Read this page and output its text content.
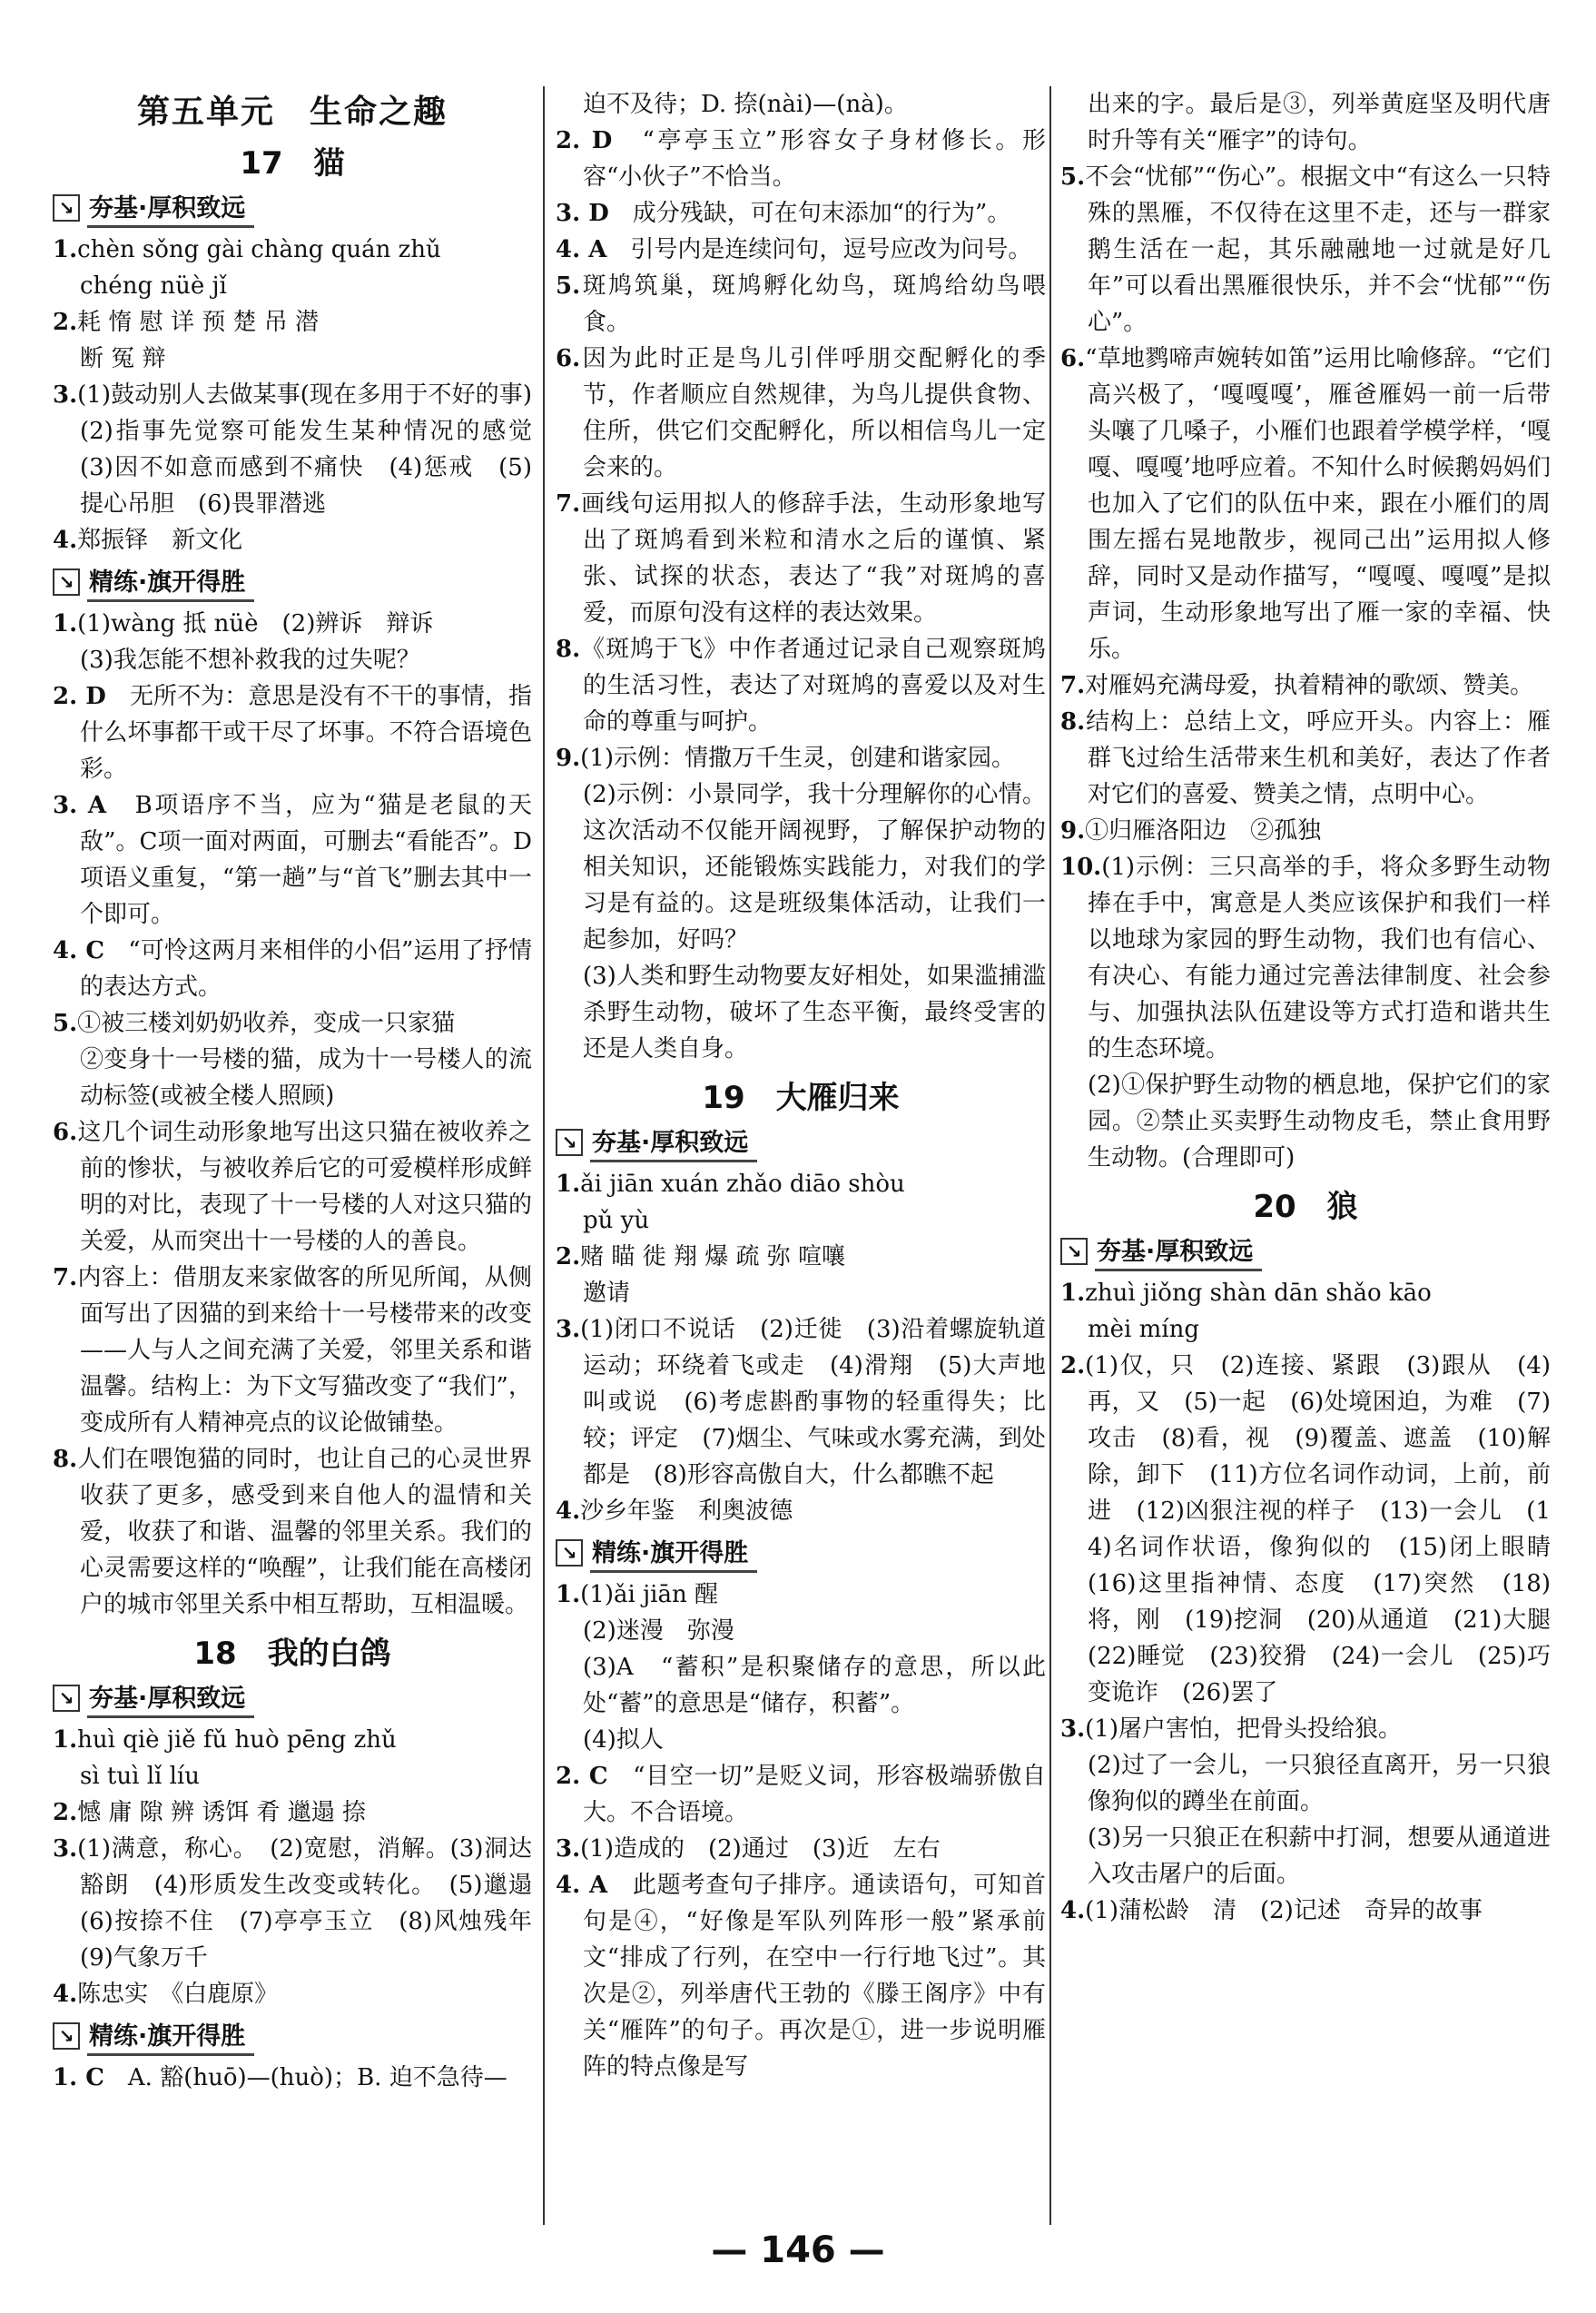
第五单元　生命之趣
17　猫
↘ 夯基·厚积致远

1.chèn sǒng gài chàng quán zhǔ

chéng nüè jǐ

2.耗 惰 慰 详 预 楚 吊 潜

断 冤 辩

3.(1)鼓动别人去做某事(现在多用于不好的事)　(2)指事先觉察可能发生某种情况的感觉　(3)因不如意而感到不痛快　(4)惩戒　(5)提心吊胆　(6)畏罪潜逃

4.郑振铎　新文化

↘ 精练·旗开得胜

1.(1)wàng 抵 nüè　(2)辨诉　辩诉

(3)我怎能不想补救我的过失呢？

2. D　 无所不为：意思是没有不干的事情，指什么坏事都干或干尽了坏事。不符合语境色彩。

3. A　 B项语序不当，应为“猫是老鼠的天敌”。C项一面对两面，可删去“看能否”。D项语义重复，“第一趟”与“首飞”删去其中一个即可。

4. C　 “可怜这两月来相伴的小侣”运用了抒情的表达方式。

5.①被三楼刘奶奶收养，变成一只家猫

②变身十一号楼的猫，成为十一号楼人的流动标签(或被全楼人照顾)

6.这几个词生动形象地写出这只猫在被收养之前的惨状，与被收养后它的可爱模样形成鲜明的对比，表现了十一号楼的人对这只猫的关爱，从而突出十一号楼的人的善良。

7.内容上：借朋友来家做客的所见所闻，从侧面写出了因猫的到来给十一号楼带来的改变——人与人之间充满了关爱，邻里关系和谐温馨。结构上：为下文写猫改变了“我们”，变成所有人精神亮点的议论做铺垫。

8.人们在喂饱猫的同时，也让自己的心灵世界收获了更多，感受到来自他人的温情和关爱，收获了和谐、温馨的邻里关系。我们的心灵需要这样的“唤醒”，让我们能在高楼闭户的城市邻里关系中相互帮助，互相温暖。

18　我的白鸽
↘ 夯基·厚积致远

1.huì qiè jiě fǔ huò pēng zhǔ

sì tuì lǐ líu

2.憾 庸 隙 辨 诱饵 肴 邋遢 捺

3.(1)满意，称心。　(2)宽慰，消解。(3)洞达豁朗　(4)形质发生改变或转化。　(5)邋遢　(6)按捺不住　(7)亭亭玉立　(8)风烛残年　(9)气象万千

4.陈忠实　《白鹿原》

↘ 精练·旗开得胜

1. C　 A. 豁(huō)—(huò)；B. 迫不急待—

迫不及待；D. 捺(nài)—(nà)。

2. D　 “亭亭玉立”形容女子身材修长。形容“小伙子”不恰当。

3. D　 成分残缺，可在句末添加“的行为”。

4. A　 引号内是连续问句，逗号应改为问号。

5.斑鸠筑巢，斑鸠孵化幼鸟，斑鸠给幼鸟喂食。

6.因为此时正是鸟儿引伴呼朋交配孵化的季节，作者顺应自然规律，为鸟儿提供食物、住所，供它们交配孵化，所以相信鸟儿一定会来的。

7.画线句运用拟人的修辞手法，生动形象地写出了斑鸠看到米粒和清水之后的谨慎、紧张、试探的状态，表达了“我”对斑鸠的喜爱，而原句没有这样的表达效果。

8.《斑鸠于飞》中作者通过记录自己观察斑鸠的生活习性，表达了对斑鸠的喜爱以及对生命的尊重与呵护。

9.(1)示例：情撒万千生灵，创建和谐家园。

(2)示例：小景同学，我十分理解你的心情。这次活动不仅能开阔视野，了解保护动物的相关知识，还能锻炼实践能力，对我们的学习是有益的。这是班级集体活动，让我们一起参加，好吗？

(3)人类和野生动物要友好相处，如果滥捕滥杀野生动物，破坏了生态平衡，最终受害的还是人类自身。

19　大雁归来
↘ 夯基·厚积致远

1.ǎi jiān xuán zhǎo diāo shòu

pǔ yù

2.赌 瞄 徙 翔 爆 疏 弥 喧嚷

邀请

3.(1)闭口不说话　(2)迁徙　(3)沿着螺旋轨道运动；环绕着飞或走　(4)滑翔　(5)大声地叫或说　(6)考虑斟酌事物的轻重得失；比较；评定　(7)烟尘、气味或水雾充满，到处都是　(8)形容高傲自大，什么都瞧不起

4.沙乡年鉴　利奥波德

↘ 精练·旗开得胜

1.(1)ǎi jiān 醒

(2)迷漫　弥漫

(3)A　“蓄积”是积聚储存的意思，所以此处“蓄”的意思是“储存，积蓄”。

(4)拟人

2. C　 “目空一切”是贬义词，形容极端骄傲自大。不合语境。

3.(1)造成的　(2)通过　(3)近　左右

4. A　 此题考查句子排序。通读语句，可知首句是④，“好像是军队列阵形一般”紧承前文“排成了行列，在空中一行行地飞过”。其次是②，列举唐代王勃的《滕王阁序》中有关“雁阵”的句子。再次是①，进一步说明雁阵的特点像是写

出来的字。最后是③，列举黄庭坚及明代唐时升等有关“雁字”的诗句。

5.不会“忧郁”“伤心”。根据文中“有这么一只特殊的黑雁，不仅待在这里不走，还与一群家鹅生活在一起，其乐融融地一过就是好几年”可以看出黑雁很快乐，并不会“忧郁”“伤心”。

6.“草地鹨啼声婉转如笛”运用比喻修辞。“它们高兴极了，‘嘎嘎嘎’，雁爸雁妈一前一后带头嚷了几嗓子，小雁们也跟着学模学样，‘嘎嘎、嘎嘎’地呼应着。不知什么时候鹅妈妈们也加入了它们的队伍中来，跟在小雁们的周围左摇右晃地散步，视同己出”运用拟人修辞，同时又是动作描写，“嘎嘎、嘎嘎”是拟声词，生动形象地写出了雁一家的幸福、快乐。

7.对雁妈充满母爱，执着精神的歌颂、赞美。

8.结构上：总结上文，呼应开头。内容上：雁群飞过给生活带来生机和美好，表达了作者对它们的喜爱、赞美之情，点明中心。

9.①归雁洛阳边　②孤独

10.(1)示例：三只高举的手，将众多野生动物捧在手中，寓意是人类应该保护和我们一样以地球为家园的野生动物，我们也有信心、有决心、有能力通过完善法律制度、社会参与、加强执法队伍建设等方式打造和谐共生的生态环境。

(2)①保护野生动物的栖息地，保护它们的家园。②禁止买卖野生动物皮毛，禁止食用野生动物。(合理即可)

20　狼
↘ 夯基·厚积致远

1.zhuì jiǒng shàn dān shǎo kāo

mèi míng

2.(1)仅，只　(2)连接、紧跟　(3)跟从　(4)再，又　(5)一起　(6)处境困迫，为难　(7)攻击　(8)看，视　(9)覆盖、遮盖　(10)解除，卸下　(11)方位名词作动词，上前，前进　(12)凶狠注视的样子　(13)一会儿　(14)名词作状语，像狗似的　(15)闭上眼睛　(16)这里指神情、态度　(17)突然　(18)将，刚　(19)挖洞　(20)从通道　(21)大腿　(22)睡觉　(23)狡猾　(24)一会儿　(25)巧变诡诈　(26)罢了

3.(1)屠户害怕，把骨头投给狼。

(2)过了一会儿，一只狼径直离开，另一只狼像狗似的蹲坐在前面。

(3)另一只狼正在积薪中打洞，想要从通道进入攻击屠户的后面。

4.(1)蒲松龄　清　(2)记述　奇异的故事

— 146 —
